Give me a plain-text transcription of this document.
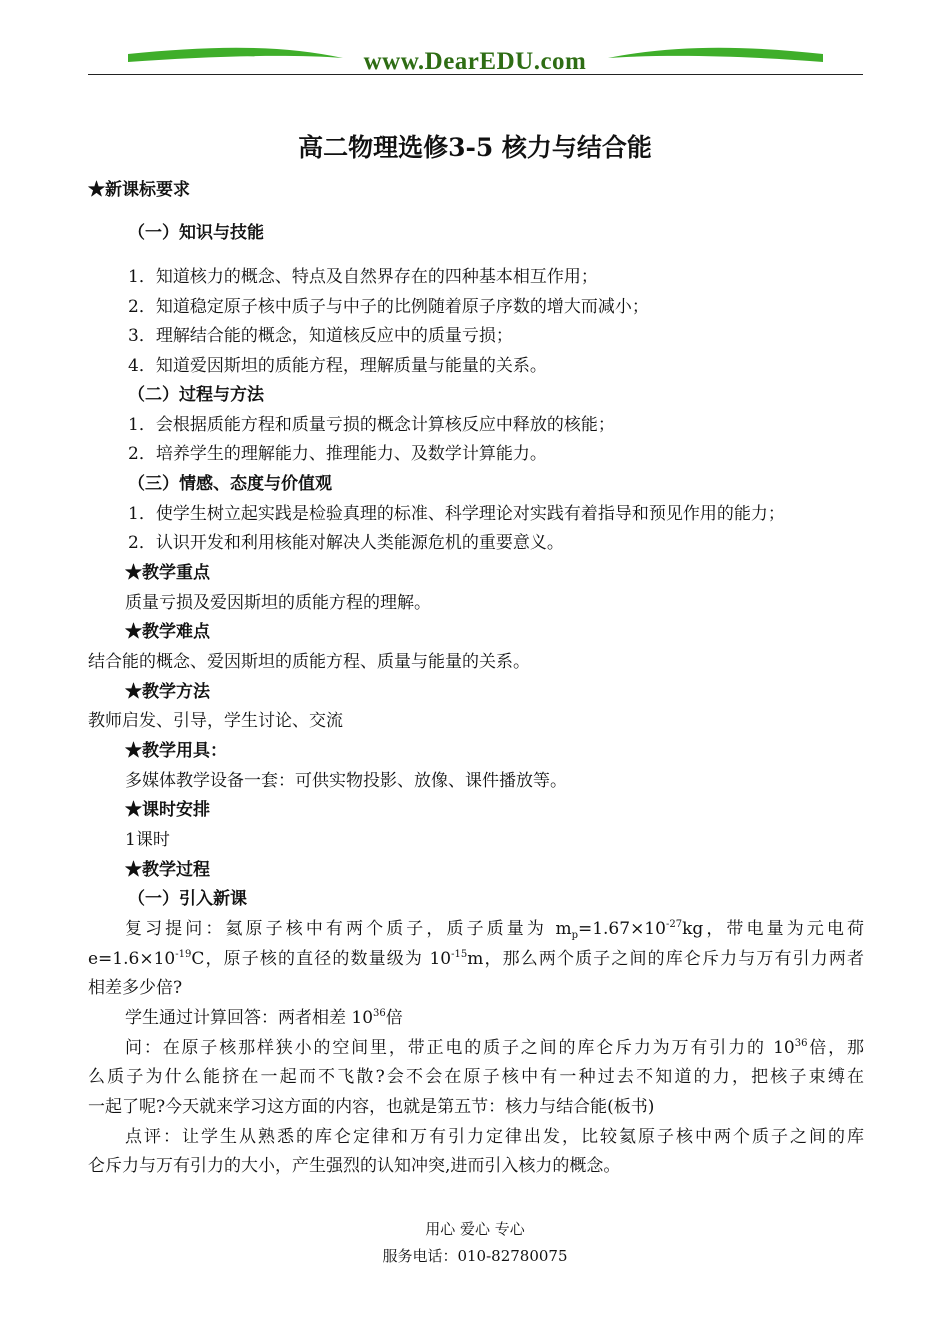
www.DearEDU.com
高二物理选修3-5 核力与结合能
★新课标要求
（一）知识与技能
1．知道核力的概念、特点及自然界存在的四种基本相互作用；
2．知道稳定原子核中质子与中子的比例随着原子序数的增大而减小；
3．理解结合能的概念，知道核反应中的质量亏损；
4．知道爱因斯坦的质能方程，理解质量与能量的关系。
（二）过程与方法
1．会根据质能方程和质量亏损的概念计算核反应中释放的核能；
2．培养学生的理解能力、推理能力、及数学计算能力。
（三）情感、态度与价值观
1．使学生树立起实践是检验真理的标准、科学理论对实践有着指导和预见作用的能力；
2．认识开发和利用核能对解决人类能源危机的重要意义。
★教学重点
质量亏损及爱因斯坦的质能方程的理解。
★教学难点
结合能的概念、爱因斯坦的质能方程、质量与能量的关系。
★教学方法
教师启发、引导，学生讨论、交流
★教学用具：
多媒体教学设备一套：可供实物投影、放像、课件播放等。
★课时安排
1课时
★教学过程
（一）引入新课
复习提问：氦原子核中有两个质子，质子质量为 $m_p=1.67\times 10^{-27}kg$，带电量为元电荷
$e=1.6\times 10^{-19}C$，原子核的直径的数量级为 $10^{-15}m$，那么两个质子之间的库仑斥力与万有引力两者
相差多少倍?
学生通过计算回答：两者相差 $10^{36}$倍
问：在原子核那样狭小的空间里，带正电的质子之间的库仑斥力为万有引力的 $10^{36}$倍，那
么质子为什么能挤在一起而不飞散?会不会在原子核中有一种过去不知道的力，把核子束缚在
一起了呢?今天就来学习这方面的内容，也就是第五节：核力与结合能(板书)
点评：让学生从熟悉的库仑定律和万有引力定律出发，比较氦原子核中两个质子之间的库
仑斥力与万有引力的大小，产生强烈的认知冲突,进而引入核力的概念。
用心 爱心 专心
服务电话：010-82780075
